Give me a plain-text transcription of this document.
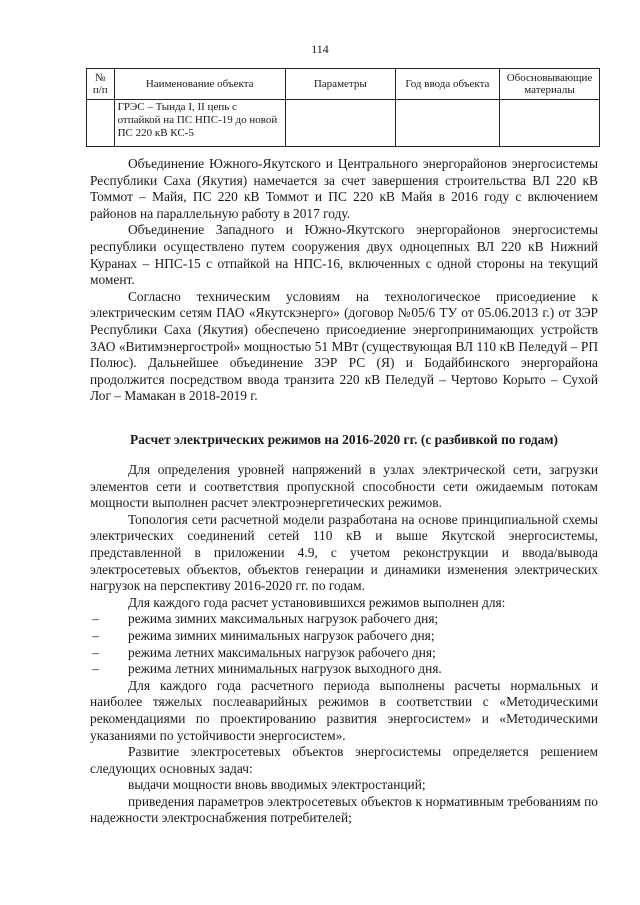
114
№ п/п	Наименование объекта	Параметры	Год ввода объекта	Обосновывающие материалы
	ГРЭС – Тында I, II цепь с отпайкой на ПС НПС-19 до новой ПС 220 кВ КС-5			

Объединение Южного-Якутского и Центрального энергорайонов энергосистемы Республики Саха (Якутия) намечается за счет завершения строительства ВЛ 220 кВ Томмот – Майя, ПС 220 кВ Томмот и ПС 220 кВ Майя в 2016 году с включением районов на параллельную работу в 2017 году.

Объединение Западного и Южно-Якутского энергорайонов энергосистемы республики осуществлено путем сооружения двух одноцепных ВЛ 220 кВ Нижний Куранах – НПС-15 с отпайкой на НПС-16, включенных с одной стороны на текущий момент.

Согласно техническим условиям на технологическое присоедиение к электрическим сетям ПАО «Якутскэнерго» (договор №05/6 ТУ от 05.06.2013 г.) от ЗЭР Республики Саха (Якутия) обеспечено присоедиение энергопринимающих устройств ЗАО «Витимэнергострой» мощностью 51 МВт (существующая ВЛ 110 кВ Пеледуй – РП Полюс). Дальнейшее объединение ЗЭР РС (Я) и Бодайбинского энергорайона продолжится посредством ввода транзита 220 кВ Пеледуй – Чертово Корыто – Сухой Лог – Мамакан в 2018-2019 г.

Расчет электрических режимов на 2016-2020 гг. (с разбивкой по годам)

Для определения уровней напряжений в узлах электрической сети, загрузки элементов сети и соответствия пропускной способности сети ожидаемым потокам мощности выполнен расчет электроэнергетических режимов.

Топология сети расчетной модели разработана на основе принципиальной схемы электрических соединений сетей 110 кВ и выше Якутской энергосистемы, представленной в приложении 4.9, с учетом реконструкции и ввода/вывода электросетевых объектов, объектов генерации и динамики изменения электрических нагрузок на перспективу 2016-2020 гг. по годам.

Для каждого года расчет установившихся режимов выполнен для:

– режима зимних максимальных нагрузок рабочего дня;
– режима зимних минимальных нагрузок рабочего дня;
– режима летних максимальных нагрузок рабочего дня;
– режима летних минимальных нагрузок выходного дня.

Для каждого года расчетного периода выполнены расчеты нормальных и наиболее тяжелых послеаварийных режимов в соответствии с «Методическими рекомендациями по проектированию развития энергосистем» и «Методическими указаниями по устойчивости энергосистем».

Развитие электросетевых объектов энергосистемы определяется решением следующих основных задач:

выдачи мощности вновь вводимых электростанций;

приведения параметров электросетевых объектов к нормативным требованиям по надежности электроснабжения потребителей;
